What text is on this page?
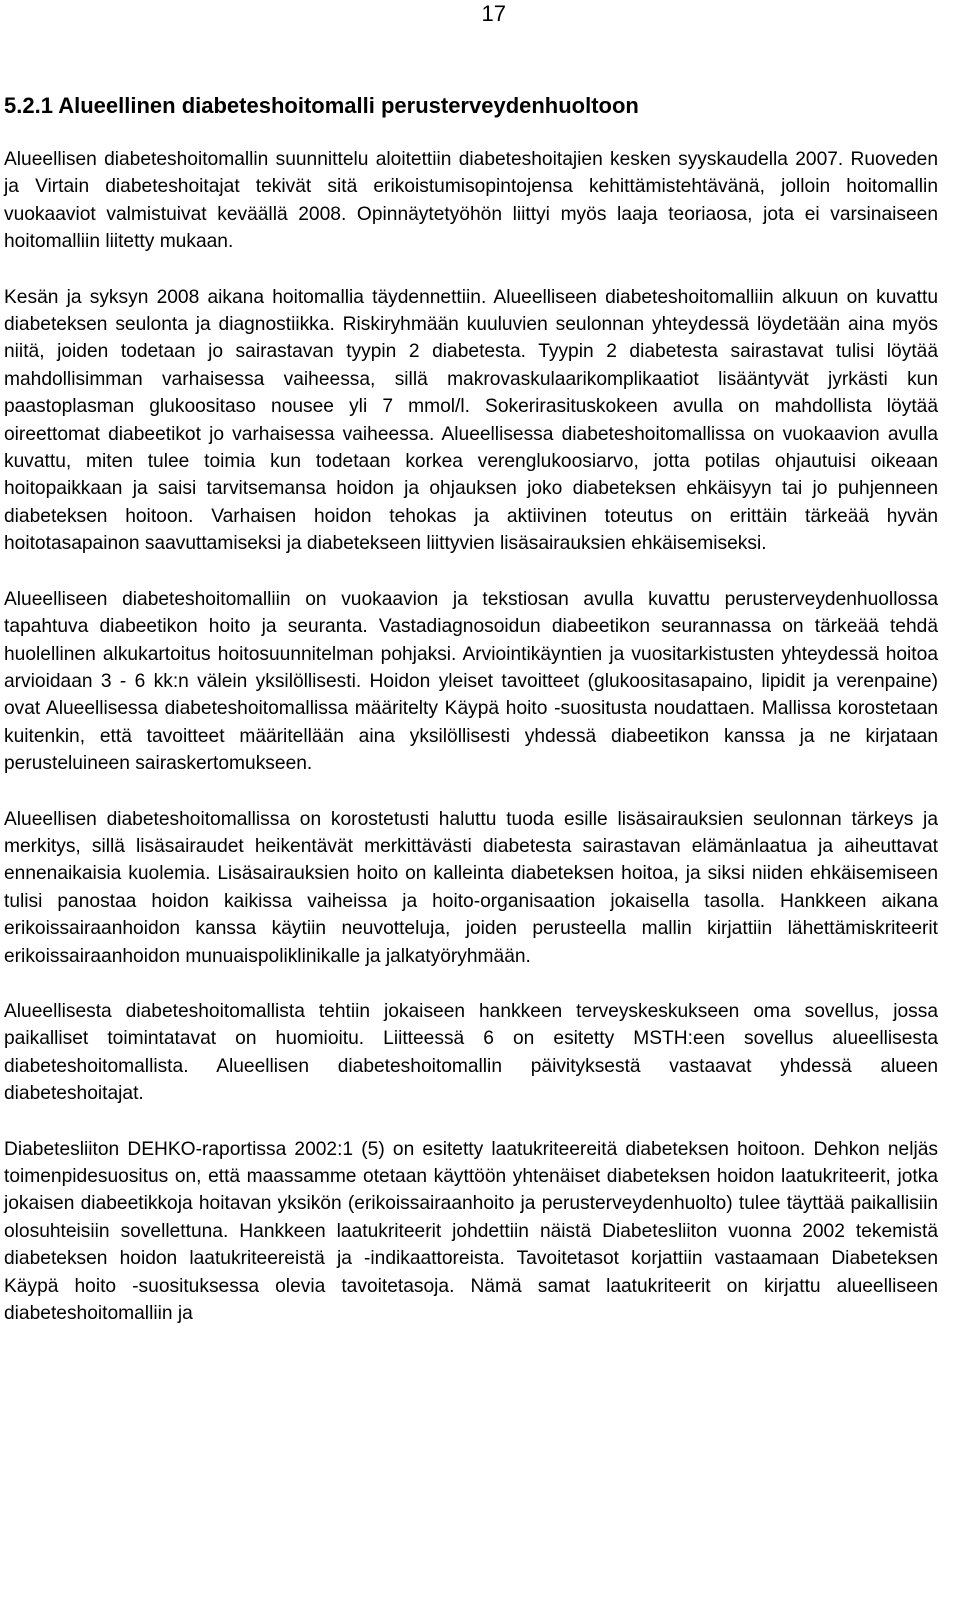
17
5.2.1 Alueellinen diabeteshoitomalli perusterveydenhuoltoon

Alueellisen diabeteshoitomallin suunnittelu aloitettiin diabeteshoitajien kesken syyskaudella 2007. Ruoveden ja Virtain diabeteshoitajat tekivät sitä erikoistumisopintojensa kehittämistehtävänä, jolloin hoitomallin vuokaaviot valmistuivat keväällä 2008. Opinnäytetyöhön liittyi myös laaja teoriaosa, jota ei varsinaiseen hoitomalliin liitetty mukaan.

Kesän ja syksyn 2008 aikana hoitomallia täydennettiin. Alueelliseen diabeteshoitomalliin alkuun on kuvattu diabeteksen seulonta ja diagnostiikka. Riskiryhmään kuuluvien seulonnan yhteydessä löydetään aina myös niitä, joiden todetaan jo sairastavan tyypin 2 diabetesta. Tyypin 2 diabetesta sairastavat tulisi löytää mahdollisimman varhaisessa vaiheessa, sillä makrovaskulaarikomplikaatiot lisääntyvät jyrkästi kun paastoplasman glukoositaso nousee yli 7 mmol/l. Sokerirasituskokeen avulla on mahdollista löytää oireettomat diabeetikot jo varhaisessa vaiheessa. Alueellisessa diabeteshoitomallissa on vuokaavion avulla kuvattu, miten tulee toimia kun todetaan korkea verenglukoosiarvo, jotta potilas ohjautuisi oikeaan hoitopaikkaan ja saisi tarvitsemansa hoidon ja ohjauksen joko diabeteksen ehkäisyyn tai jo puhjenneen diabeteksen hoitoon. Varhaisen hoidon tehokas ja aktiivinen toteutus on erittäin tärkeää hyvän hoitotasapainon saavuttamiseksi ja diabetekseen liittyvien lisäsairauksien ehkäisemiseksi.

Alueelliseen diabeteshoitomalliin on vuokaavion ja tekstiosan avulla kuvattu perusterveydenhuollossa tapahtuva diabeetikon hoito ja seuranta. Vastadiagnosoidun diabeetikon seurannassa on tärkeää tehdä huolellinen alkukartoitus hoitosuunnitelman pohjaksi. Arviointikäyntien ja vuositarkistusten yhteydessä hoitoa arvioidaan 3 - 6 kk:n välein yksilöllisesti. Hoidon yleiset tavoitteet (glukoositasapaino, lipidit ja verenpaine) ovat Alueellisessa diabeteshoitomallissa määritelty Käypä hoito -suositusta noudattaen. Mallissa korostetaan kuitenkin, että tavoitteet määritellään aina yksilöllisesti yhdessä diabeetikon kanssa ja ne kirjataan perusteluineen sairaskertomukseen.

Alueellisen diabeteshoitomallissa on korostetusti haluttu tuoda esille lisäsairauksien seulonnan tärkeys ja merkitys, sillä lisäsairaudet heikentävät merkittävästi diabetesta sairastavan elämänlaatua ja aiheuttavat ennenaikaisia kuolemia. Lisäsairauksien hoito on kalleinta diabeteksen hoitoa, ja siksi niiden ehkäisemiseen tulisi panostaa hoidon kaikissa vaiheissa ja hoito-organisaation jokaisella tasolla. Hankkeen aikana erikoissairaanhoidon kanssa käytiin neuvotteluja, joiden perusteella mallin kirjattiin lähettämiskriteerit erikoissairaanhoidon munuaispoliklinikalle ja jalkatyöryhmään.

Alueellisesta diabeteshoitomallista tehtiin jokaiseen hankkeen terveyskeskukseen oma sovellus, jossa paikalliset toimintatavat on huomioitu. Liitteessä 6 on esitetty MSTH:een sovellus alueellisesta diabeteshoitomallista. Alueellisen diabeteshoitomallin päivityksestä vastaavat yhdessä alueen diabeteshoitajat.

Diabetesliiton DEHKO-raportissa 2002:1 (5) on esitetty laatukriteereitä diabeteksen hoitoon. Dehkon neljäs toimenpidesuositus on, että maassamme otetaan käyttöön yhtenäiset diabeteksen hoidon laatukriteerit, jotka jokaisen diabeetikkoja hoitavan yksikön (erikoissairaanhoito ja perusterveydenhuolto) tulee täyttää paikallisiin olosuhteisiin sovellettuna. Hankkeen laatukriteerit johdettiin näistä Diabetesliiton vuonna 2002 tekemistä diabeteksen hoidon laatukriteereistä ja -indikaattoreista. Tavoitetasot korjattiin vastaamaan Diabeteksen Käypä hoito -suosituksessa olevia tavoitetasoja. Nämä samat laatukriteerit on kirjattu alueelliseen diabeteshoitomalliin ja
